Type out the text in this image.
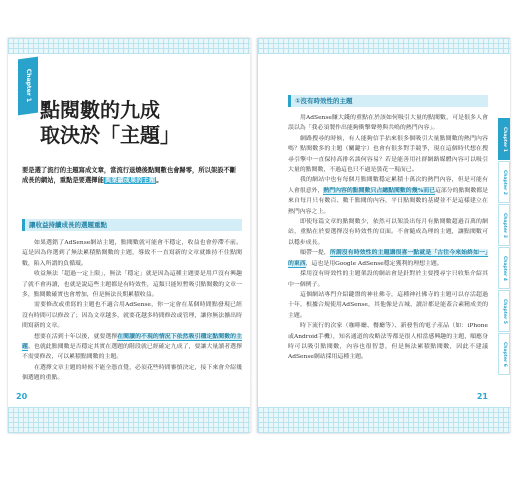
Chapter 1
點閱數的九成
取決於「主題」

要是選了流行的主題寫成文章，當流行退燒後點閱數也會歸零，所以架設不斷成長的網站，重點是要選擇能與業績成果的主題。

讓收益持續成長的選題重點

如果選錯了AdSense網站主題，點閱數就可能會不穩定，收益也會停滯不前。這是因為你選到了無法累積點閱數的主題，導致不一直寫新的文章就維持不住點閱數，陷入所謂的負循環。

收益無法「超過一定上限」，無法「穩定」就是因為這種主題要是用戶沒有興趣了就不會再讀，也就是說這些主題都是有時效性，這類只能短暫吸引點閱數的文章一多，點閱數確實也會增加，但是無法長期累積收益。

需要修改或重寫的主題也不適合用AdSense，你一定會在某個時間點發現已經沒有時間可以修改了；因為文章越多，就要花越多時間修改或管理，讓你無法擴出時間寫新的文章。

想要在活到十年以後，就要選擇在閱讀的不現的情況下依然吸引穩定點閱數的主題。也就此點閱數是否穩定其實在選題的階段就已經確定九成了，要讓大量讀者選擇不需要修改，可以累積點閱數的主題。

在選擇文章主題的時候不能全憑直覺，必須花些時間審慎決定，接下來會介紹幾個選題的重點。

20
①沒有時效性的主題

用AdSense賺大錢的重點在於該如何吸引大量的點閱數，可是很多人會誤以為「我必須製作出能夠衝擊聲勢與共鳴的熱門內容」。

網路搜尋的時候，有人能夠信手拈來很多個吸引大量點閱數的熱門內容嗎？點閱數多的主題（關鍵字）也會有很多對手競爭，現在這個時代想在搜尋引擎中一直保持高排名談何容易？若是能善用社群網路媒體內容可以吸引大量的點閱數，不過這也只不過是曇花一現而已。

我的網站中也有每個月點閱數穩定累積十萬次的熱門內容，但是可能有人會很意外，熱門內容的點閱數只占總點閱數的幾%而已這部分的點閱數都是來自每月只有數百、數千點閱的內容，平日點閱數的基礎並不是這樣建立在熱門內容之上。

即使每篇文章的點閱數少，依然可以架設出每月有點閱數超過百萬的網站，重點在於要選擇沒有時效性的頁面。不會隨成為理的主題，讓點閱數可以穩步成長。

順帶一提，所謂沒有時效性的主題講很喜一點就是「古往今來始終如一」的東西，這也是用Google AdSense穩定獲利的理想主題。

採用沒有時效性的主題架設的網站會是針對於主要搜尋字只收集介紹其中一個例子。

這個網站專門介紹鍵盤的神社佛寺，這種神社佛寺的主題可以存活超過十年，根據合規使用AdSense，其他像是吉城、讀計都是能蓋合素精成美的主題。

時下流行的次家（咖啡廳、餐廳等）、新發售的電子產品（如：iPhone或Android手機），知名通道的攻略法等都是很人相當感興趣的主題，順應身時可以吸引點閱數，內容也很智慧，但是無法累積點閱數，因此不建議AdSense網站採用這種主題。

Chapter 1
Chapter 2
Chapter 3
Chapter 4
Chapter 5
Chapter 6
21
